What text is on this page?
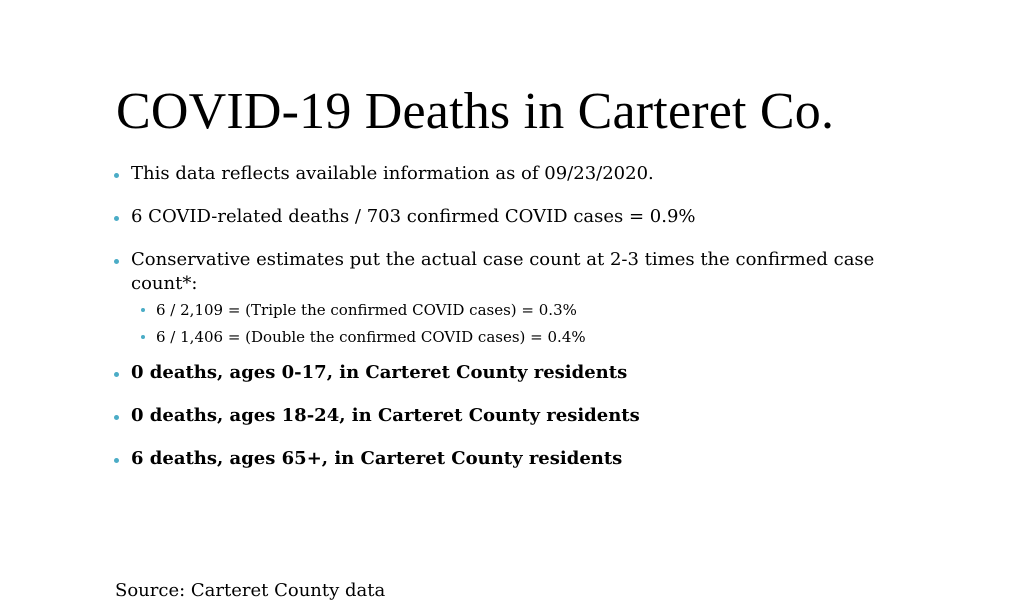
COVID-19 Deaths in Carteret Co.
This data reflects available information as of 09/23/2020.
6 COVID-related deaths / 703 confirmed COVID cases = 0.9%
Conservative estimates put the actual case count at 2-3 times the confirmed case count*:
6 / 2,109 = (Triple the confirmed COVID cases) = 0.3%
6 / 1,406 = (Double the confirmed COVID cases) = 0.4%
0 deaths, ages 0-17, in Carteret County residents
0 deaths, ages 18-24, in Carteret County residents
6 deaths, ages 65+, in Carteret County residents
Source: Carteret County data
